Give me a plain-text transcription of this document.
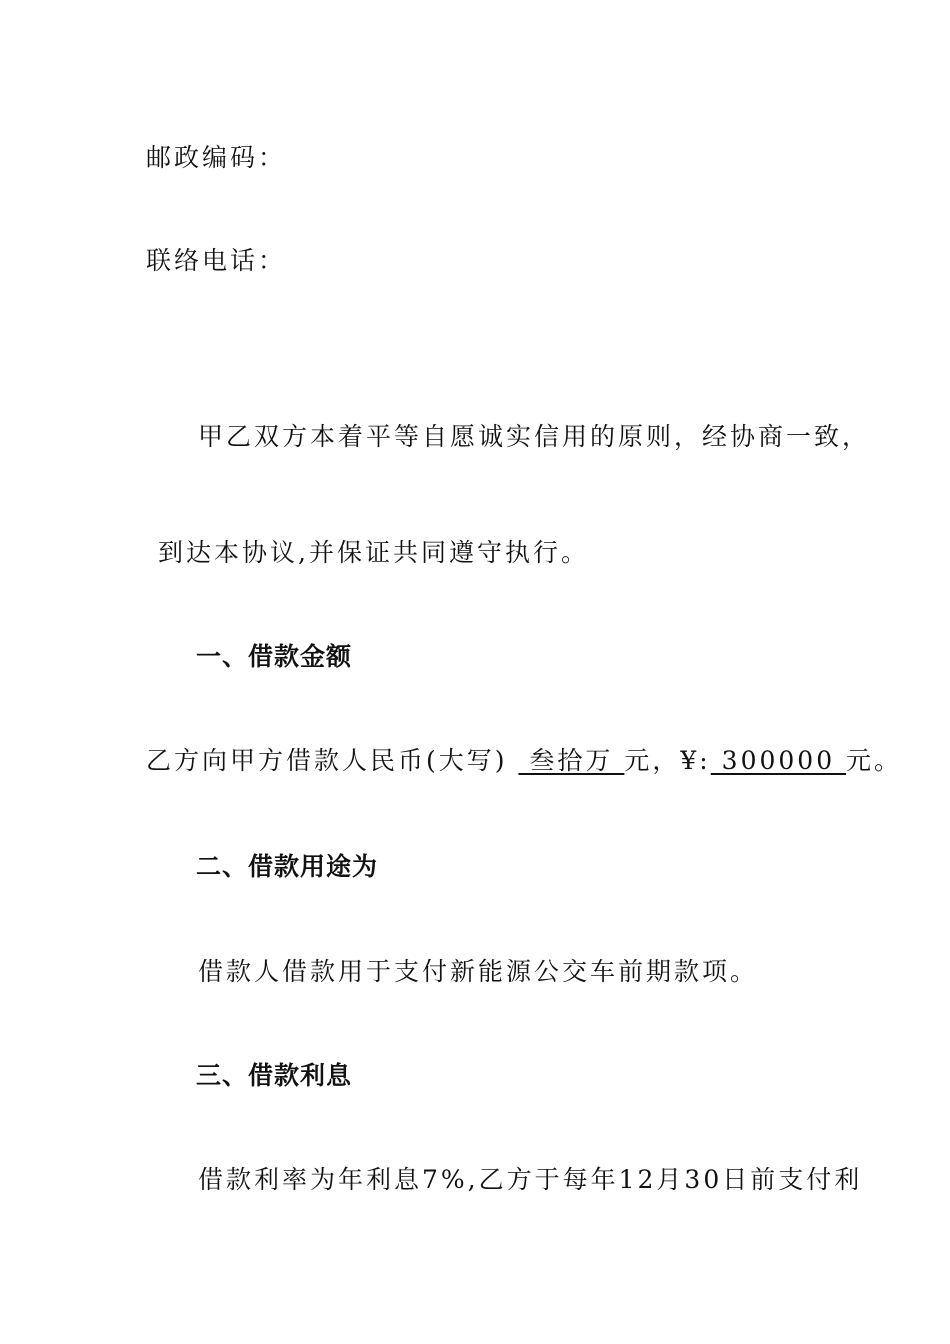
邮政编码：
联络电话：
甲乙双方本着平等自愿诚实信用的原则，经协商一致，
到达本协议,并保证共同遵守执行。
一、借款金额
乙方向甲方借款人民币(大写)  叁拾万 元，¥: 300000 元。
二、借款用途为
借款人借款用于支付新能源公交车前期款项。
三、借款利息
借款利率为年利息7%,乙方于每年12月30日前支付利
